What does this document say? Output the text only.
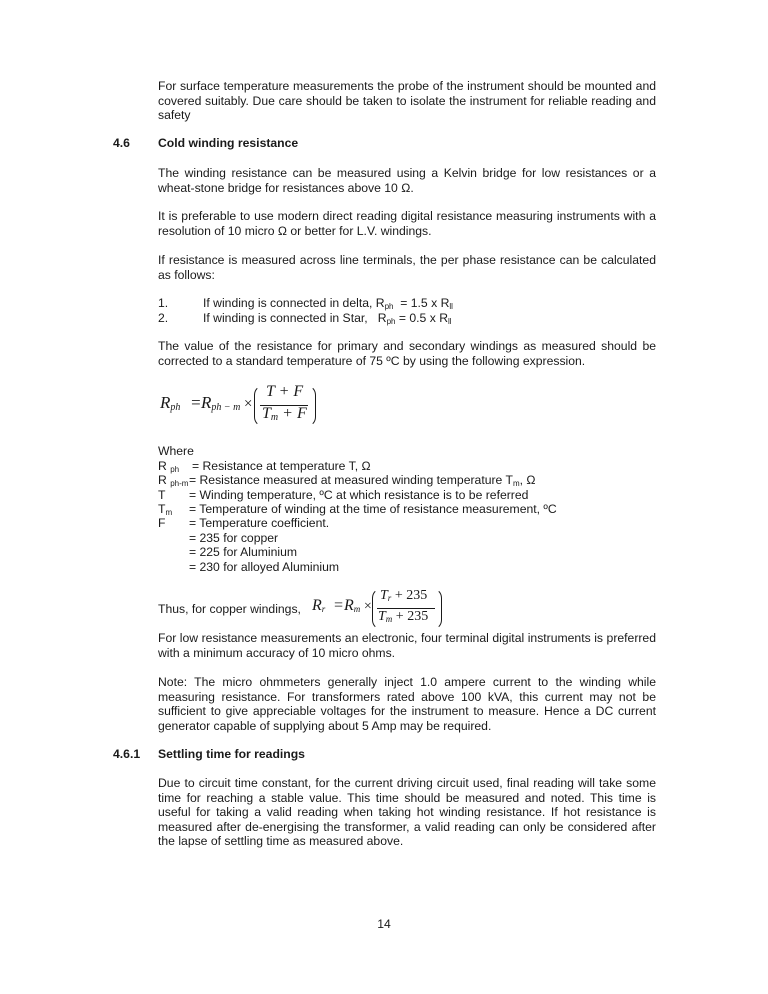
For surface temperature measurements the probe of the instrument should be mounted and covered suitably. Due care should be taken to isolate the instrument for reliable reading and safety

4.6 Cold winding resistance

The winding resistance can be measured using a Kelvin bridge for low resistances or a wheat-stone bridge for resistances above 10 Ω.

It is preferable to use modern direct reading digital resistance measuring instruments with a resolution of 10 micro Ω or better for L.V. windings.

If resistance is measured across line terminals, the per phase resistance can be calculated as follows:

1.	If winding is connected in delta, $R_{ph} = 1.5$ x $R_{ll}$
2.	If winding is connected in Star,   $R_{ph} = 0.5$ x $R_{ll}$

The value of the resistance for primary and secondary windings as measured should be corrected to a standard temperature of 75 ºC by using the following expression.

$R_{ph} = R_{ph - m}$ ×
T + F
$T_m + F$
Where
R $_{ph}$ = Resistance at temperature T, Ω
R $_{ph-m}$ = Resistance measured at measured winding temperature $T_m$, Ω
T = Winding temperature, ºC at which resistance is to be referred
$T_m$ = Temperature of winding at the time of resistance measurement, ºC
F = Temperature coefficient.
= 235 for copper
= 225 for Aluminium
= 230 for alloyed Aluminium
Thus, for copper windings, $R_r = R_m$ ×
$T_r + 235$
$T_m + 235$

For low resistance measurements an electronic, four terminal digital instruments is preferred with a minimum accuracy of 10 micro ohms.

Note: The micro ohmmeters generally inject 1.0 ampere current to the winding while measuring resistance. For transformers rated above 100 kVA, this current may not be sufficient to give appreciable voltages for the instrument to measure. Hence a DC current generator capable of supplying about 5 Amp may be required.

4.6.1 Settling time for readings

Due to circuit time constant, for the current driving circuit used, final reading will take some time for reaching a stable value. This time should be measured and noted. This time is useful for taking a valid reading when taking hot winding resistance. If hot resistance is measured after de-energising the transformer, a valid reading can only be considered after the lapse of settling time as measured above.

14
